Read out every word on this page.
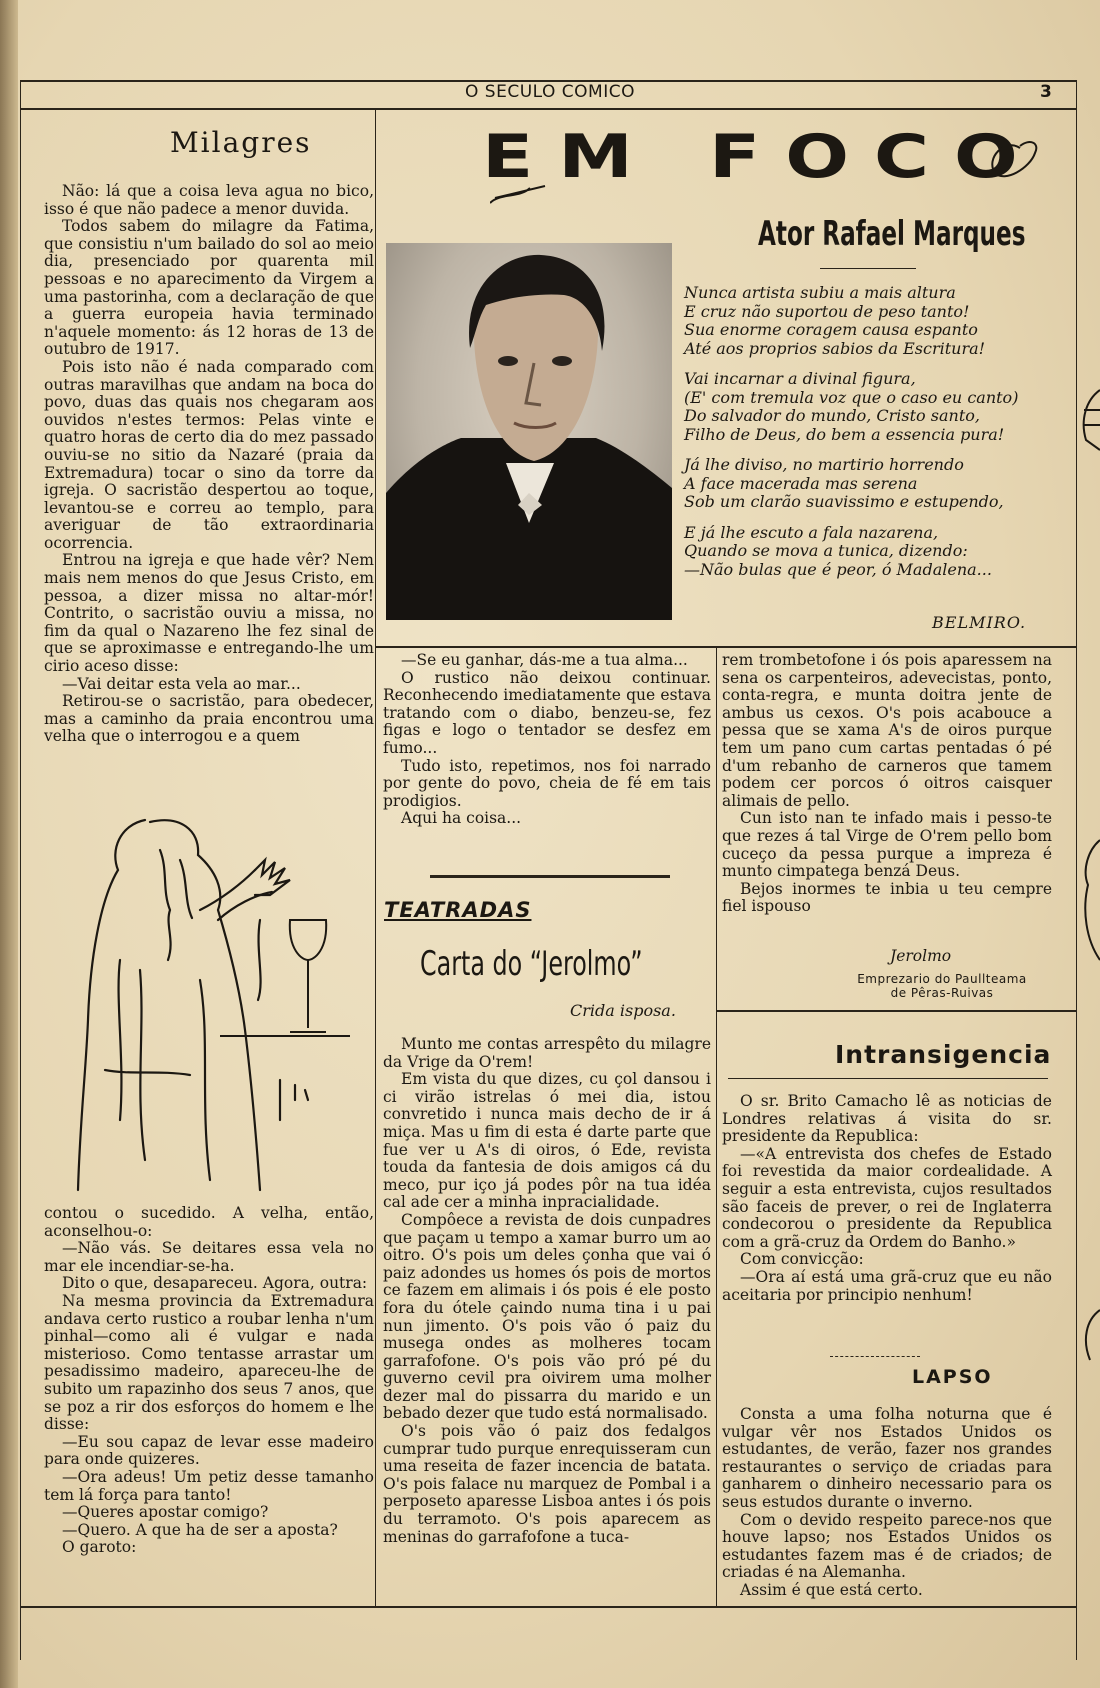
O SECULO COMICO	3
Milagres

Não: lá que a coisa leva agua no bico, isso é que não padece a menor duvida.

Todos sabem do milagre da Fatima, que consistiu n'um bailado do sol ao meio dia, presenciado por quarenta mil pessoas e no aparecimento da Virgem a uma pastorinha, com a declaração de que a guerra europeia havia terminado n'aquele momento: ás 12 horas de 13 de outubro de 1917.

Pois isto não é nada comparado com outras maravilhas que andam na boca do povo, duas das quais nos chegaram aos ouvidos n'estes termos: Pelas vinte e quatro horas de certo dia do mez passado ouviu-se no sitio da Nazaré (praia da Extremadura) tocar o sino da torre da igreja. O sacristão despertou ao toque, levantou-se e correu ao templo, para averiguar de tão extraordinaria ocorrencia.

Entrou na igreja e que hade vêr? Nem mais nem menos do que Jesus Cristo, em pessoa, a dizer missa no altar-mór! Contrito, o sacristão ouviu a missa, no fim da qual o Nazareno lhe fez sinal de que se aproximasse e entregando-lhe um cirio aceso disse:

—Vai deitar esta vela ao mar...

Retirou-se o sacristão, para obedecer, mas a caminho da praia encontrou uma velha que o interrogou e a quem

contou o sucedido. A velha, então, aconselhou-o:

—Não vás. Se deitares essa vela no mar ele incendiar-se-ha.

Dito o que, desapareceu. Agora, outra:

Na mesma provincia da Extremadura andava certo rustico a roubar lenha n'um pinhal—como ali é vulgar e nada misterioso. Como tentasse arrastar um pesadissimo madeiro, apareceu-lhe de subito um rapazinho dos seus 7 anos, que se poz a rir dos esforços do homem e lhe disse:

—Eu sou capaz de levar esse madeiro para onde quizeres.

—Ora adeus! Um petiz desse tamanho tem lá força para tanto!

—Queres apostar comigo?

—Quero. A que ha de ser a aposta?

O garoto:

EM FOCO
Ator Rafael Marques

Nunca artista subiu a mais altura
E cruz não suportou de peso tanto!
Sua enorme coragem causa espanto
Até aos proprios sabios da Escritura!

Vai incarnar a divinal figura,
(E' com tremula voz que o caso eu canto)
Do salvador do mundo, Cristo santo,
Filho de Deus, do bem a essencia pura!

Já lhe diviso, no martirio horrendo
A face macerada mas serena
Sob um clarão suavissimo e estupendo,

E já lhe escuto a fala nazarena,
Quando se mova a tunica, dizendo:
—Não bulas que é peor, ó Madalena...

BELMIRO.

—Se eu ganhar, dás-me a tua alma...

O rustico não deixou continuar. Reconhecendo imediatamente que estava tratando com o diabo, benzeu-se, fez figas e logo o tentador se desfez em fumo...

Tudo isto, repetimos, nos foi narrado por gente do povo, cheia de fé em tais prodigios.

Aqui ha coisa...

TEATRADAS
Carta do “Jerolmo”
Crida isposa.

Munto me contas arrespêto du milagre da Vrige da O'rem!

Em vista du que dizes, cu çol dansou i ci virão istrelas ó mei dia, istou convretido i nunca mais decho de ir á miça. Mas u fim di esta é darte parte que fue ver u A's di oiros, ó Ede, revista touda da fantesia de dois amigos cá du meco, pur iço já podes pôr na tua idéa cal ade cer a minha inpracialidade.

Compôece a revista de dois cunpadres que paçam u tempo a xamar burro um ao oitro. O's pois um deles çonha que vai ó paiz adondes us homes ós pois de mortos ce fazem em alimais i ós pois é ele posto fora du ótele çaindo numa tina i u pai nun jimento. O's pois vão ó paiz du musega ondes as molheres tocam garrafofone. O's pois vão pró pé du guverno cevil pra oivirem uma molher dezer mal do pissarra du marido e un bebado dezer que tudo está normalisado.

O's pois vão ó paiz dos fedalgos cumprar tudo purque enrequisseram cun uma reseita de fazer incencia de batata. O's pois falace nu marquez de Pombal i a perposeto aparesse Lisboa antes i ós pois du terramoto. O's pois aparecem as meninas do garrafofone a tuca-

rem trombetofone i ós pois aparessem na sena os carpenteiros, adevecistas, ponto, conta-regra, e munta doitra jente de ambus us cexos. O's pois acabouce a pessa que se xama A's de oiros purque tem um pano cum cartas pentadas ó pé d'um rebanho de carneros que tamem podem cer porcos ó oitros caisquer alimais de pello.

Cun isto nan te infado mais i pesso-te que rezes á tal Virge de O'rem pello bom cuceço da pessa purque a impreza é munto cimpatega benzá Deus.

Bejos inormes te inbia u teu cempre fiel ispouso

Jerolmo
Emprezario do Paullteama
de Pêras-Ruivas
Intransigencia

O sr. Brito Camacho lê as noticias de Londres relativas á visita do sr. presidente da Republica:

—«A entrevista dos chefes de Estado foi revestida da maior cordealidade. A seguir a esta entrevista, cujos resultados são faceis de prever, o rei de Inglaterra condecorou o presidente da Republica com a grã-cruz da Ordem do Banho.»

Com convicção:

—Ora aí está uma grã-cruz que eu não aceitaria por principio nenhum!

LAPSO

Consta a uma folha noturna que é vulgar vêr nos Estados Unidos os estudantes, de verão, fazer nos grandes restaurantes o serviço de criadas para ganharem o dinheiro necessario para os seus estudos durante o inverno.

Com o devido respeito parece-nos que houve lapso; nos Estados Unidos os estudantes fazem mas é de criados; de criadas é na Alemanha.

Assim é que está certo.
